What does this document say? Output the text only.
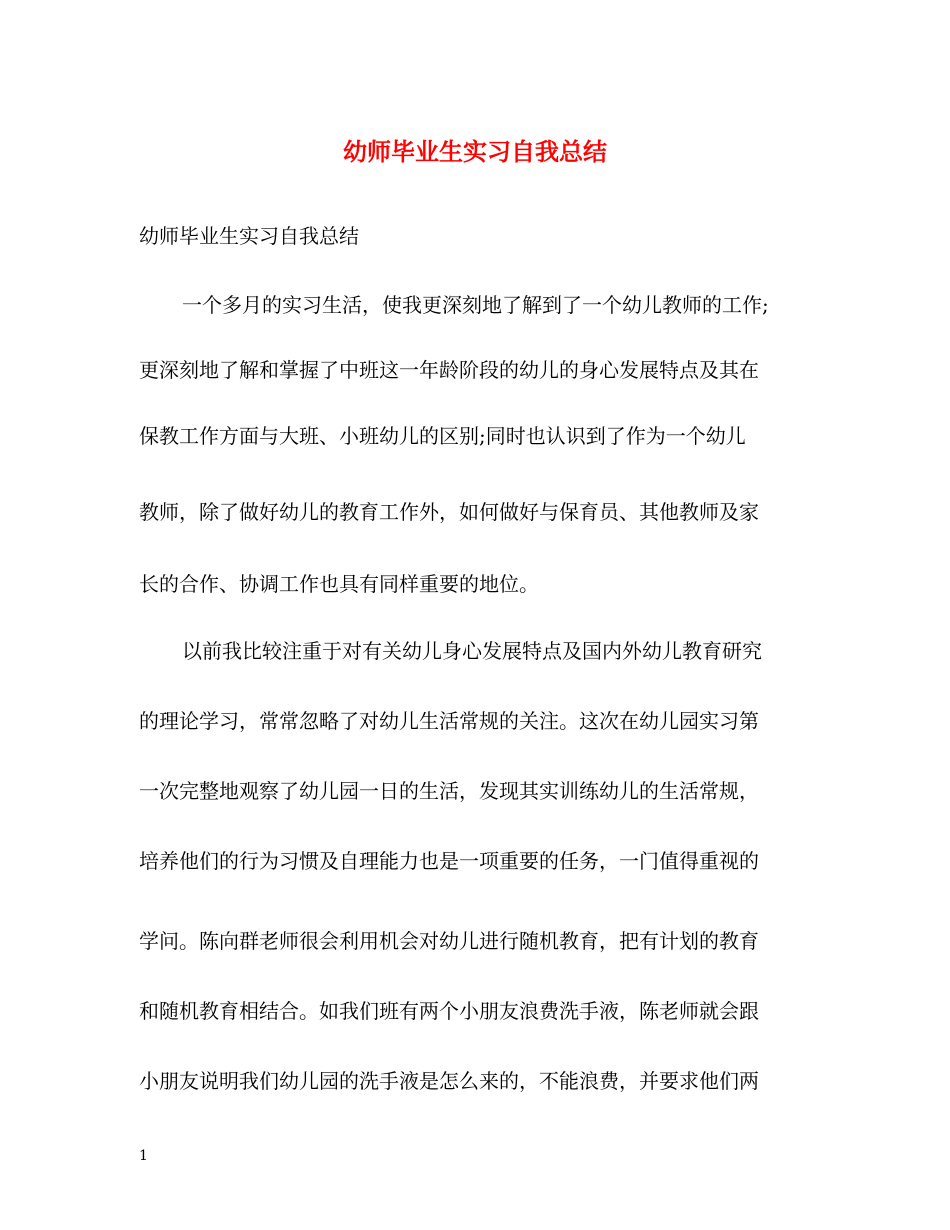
幼师毕业生实习自我总结

幼师毕业生实习自我总结

一个多月的实习生活，使我更深刻地了解到了一个幼儿教师的工作;

更深刻地了解和掌握了中班这一年龄阶段的幼儿的身心发展特点及其在

保教工作方面与大班、小班幼儿的区别;同时也认识到了作为一个幼儿

教师，除了做好幼儿的教育工作外，如何做好与保育员、其他教师及家

长的合作、协调工作也具有同样重要的地位。

以前我比较注重于对有关幼儿身心发展特点及国内外幼儿教育研究

的理论学习，常常忽略了对幼儿生活常规的关注。这次在幼儿园实习第

一次完整地观察了幼儿园一日的生活，发现其实训练幼儿的生活常规，

培养他们的行为习惯及自理能力也是一项重要的任务，一门值得重视的

学问。陈向群老师很会利用机会对幼儿进行随机教育，把有计划的教育

和随机教育相结合。如我们班有两个小朋友浪费洗手液，陈老师就会跟

小朋友说明我们幼儿园的洗手液是怎么来的，不能浪费，并要求他们两

1
